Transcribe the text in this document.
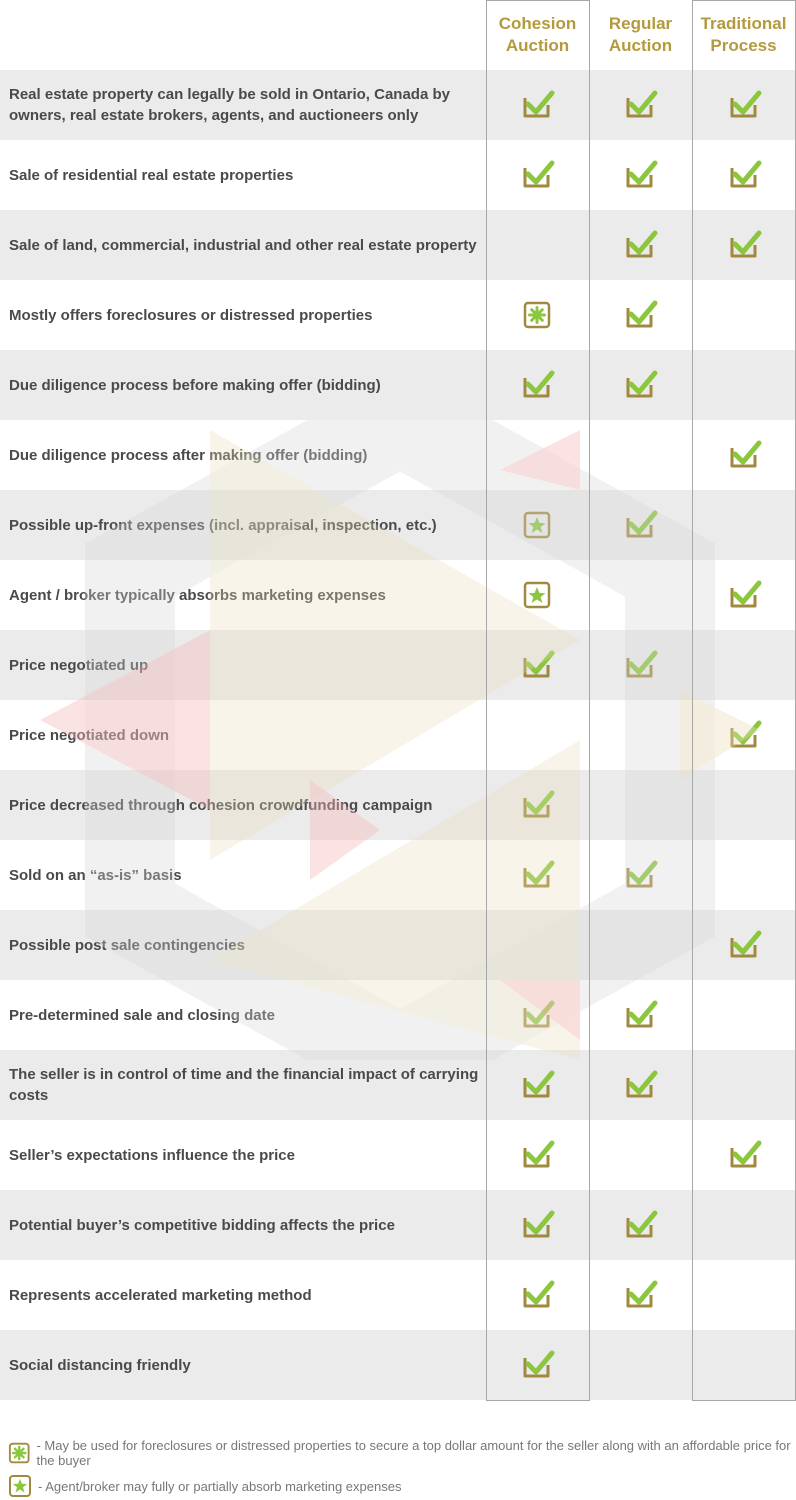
Cohesion
Auction
Regular
Auction
Traditional
Process
Real estate property can legally be sold in Ontario, Canada by owners, real estate brokers, agents, and auctioneers only
Sale of residential real estate properties
Sale of land, commercial, industrial and other real estate property
Mostly offers foreclosures or distressed properties
Due diligence process before making offer (bidding)
Due diligence process after making offer (bidding)
Possible up-front expenses (incl. appraisal, inspection, etc.)
Agent / broker typically absorbs marketing expenses
Price negotiated up
Price negotiated down
Price decreased through cohesion crowdfunding campaign
Sold on an “as-is” basis
Possible post sale contingencies
Pre-determined sale and closing date
The seller is in control of time and the financial impact of carrying costs
Seller’s expectations influence the price
Potential buyer’s competitive bidding affects the price
Represents accelerated marketing method
Social distancing friendly
- May be used for foreclosures or distressed properties to secure a top dollar amount for the seller along with an affordable price for the buyer
- Agent/broker may fully or partially absorb marketing expenses
